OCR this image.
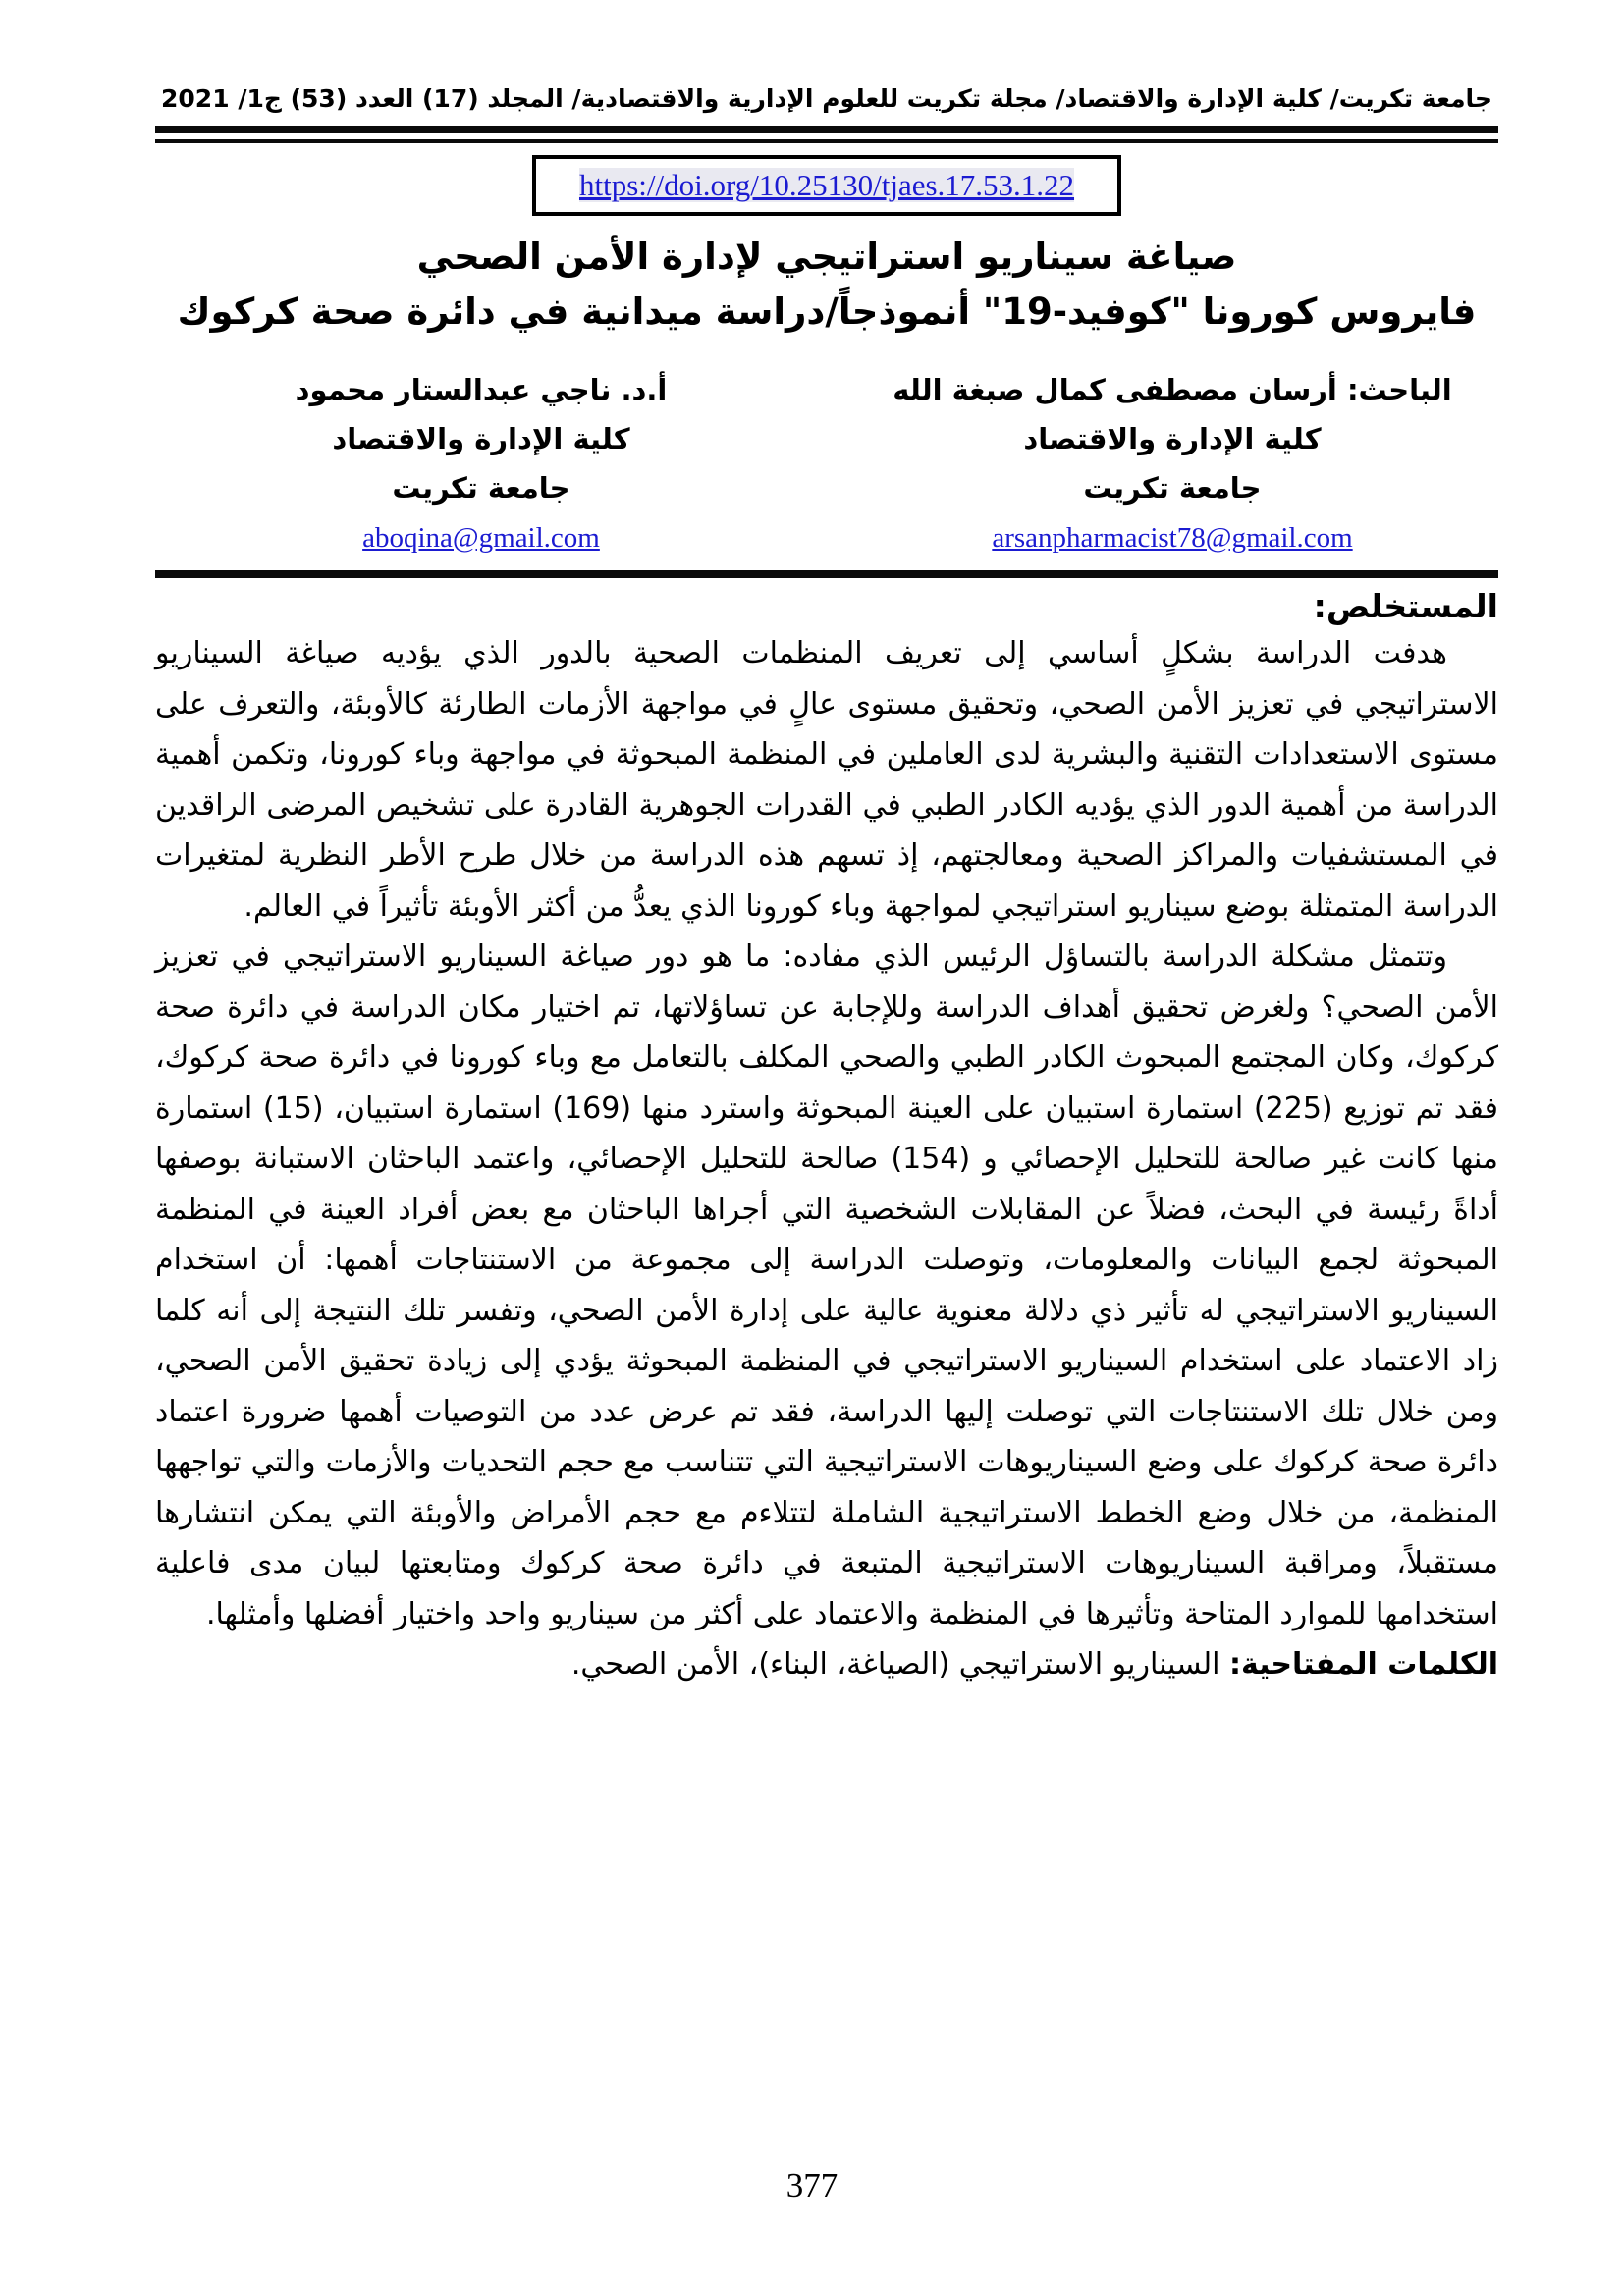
جامعة تكريت/ كلية الإدارة والاقتصاد/ مجلة تكريت للعلوم الإدارية والاقتصادية/ المجلد (17) العدد (53) ج1/ 2021
https://doi.org/10.25130/tjaes.17.53.1.22
صياغة سيناريو استراتيجي لإدارة الأمن الصحي
فايروس كورونا "كوفيد-19" أنموذجاً/دراسة ميدانية في دائرة صحة كركوك
الباحث: أرسان مصطفى كمال صبغة الله
كلية الإدارة والاقتصاد
جامعة تكريت
arsanpharmacist78@gmail.com
أ.د. ناجي عبدالستار محمود
كلية الإدارة والاقتصاد
جامعة تكريت
aboqina@gmail.com
المستخلص:

هدفت الدراسة بشكلٍ أساسي إلى تعريف المنظمات الصحية بالدور الذي يؤديه صياغة السيناريو الاستراتيجي في تعزيز الأمن الصحي، وتحقيق مستوى عالٍ في مواجهة الأزمات الطارئة كالأوبئة، والتعرف على مستوى الاستعدادات التقنية والبشرية لدى العاملين في المنظمة المبحوثة في مواجهة وباء كورونا، وتكمن أهمية الدراسة من أهمية الدور الذي يؤديه الكادر الطبي في القدرات الجوهرية القادرة على تشخيص المرضى الراقدين في المستشفيات والمراكز الصحية ومعالجتهم، إذ تسهم هذه الدراسة من خلال طرح الأطر النظرية لمتغيرات الدراسة المتمثلة بوضع سيناريو استراتيجي لمواجهة وباء كورونا الذي يعدُّ من أكثر الأوبئة تأثيراً في العالم.

وتتمثل مشكلة الدراسة بالتساؤل الرئيس الذي مفاده: ما هو دور صياغة السيناريو الاستراتيجي في تعزيز الأمن الصحي؟ ولغرض تحقيق أهداف الدراسة وللإجابة عن تساؤلاتها، تم اختيار مكان الدراسة في دائرة صحة كركوك، وكان المجتمع المبحوث الكادر الطبي والصحي المكلف بالتعامل مع وباء كورونا في دائرة صحة كركوك، فقد تم توزيع (225) استمارة استبيان على العينة المبحوثة واسترد منها (169) استمارة استبيان، (15) استمارة منها كانت غير صالحة للتحليل الإحصائي و (154) صالحة للتحليل الإحصائي، واعتمد الباحثان الاستبانة بوصفها أداةً رئيسة في البحث، فضلاً عن المقابلات الشخصية التي أجراها الباحثان مع بعض أفراد العينة في المنظمة المبحوثة لجمع البيانات والمعلومات، وتوصلت الدراسة إلى مجموعة من الاستنتاجات أهمها: أن استخدام السيناريو الاستراتيجي له تأثير ذي دلالة معنوية عالية على إدارة الأمن الصحي، وتفسر تلك النتيجة إلى أنه كلما زاد الاعتماد على استخدام السيناريو الاستراتيجي في المنظمة المبحوثة يؤدي إلى زيادة تحقيق الأمن الصحي، ومن خلال تلك الاستنتاجات التي توصلت إليها الدراسة، فقد تم عرض عدد من التوصيات أهمها ضرورة اعتماد دائرة صحة كركوك على وضع السيناريوهات الاستراتيجية التي تتناسب مع حجم التحديات والأزمات والتي تواجهها المنظمة، من خلال وضع الخطط الاستراتيجية الشاملة لتتلاءم مع حجم الأمراض والأوبئة التي يمكن انتشارها مستقبلاً، ومراقبة السيناريوهات الاستراتيجية المتبعة في دائرة صحة كركوك ومتابعتها لبيان مدى فاعلية استخدامها للموارد المتاحة وتأثيرها في المنظمة والاعتماد على أكثر من سيناريو واحد واختيار أفضلها وأمثلها.

الكلمات المفتاحية: السيناريو الاستراتيجي (الصياغة، البناء)، الأمن الصحي.

377
